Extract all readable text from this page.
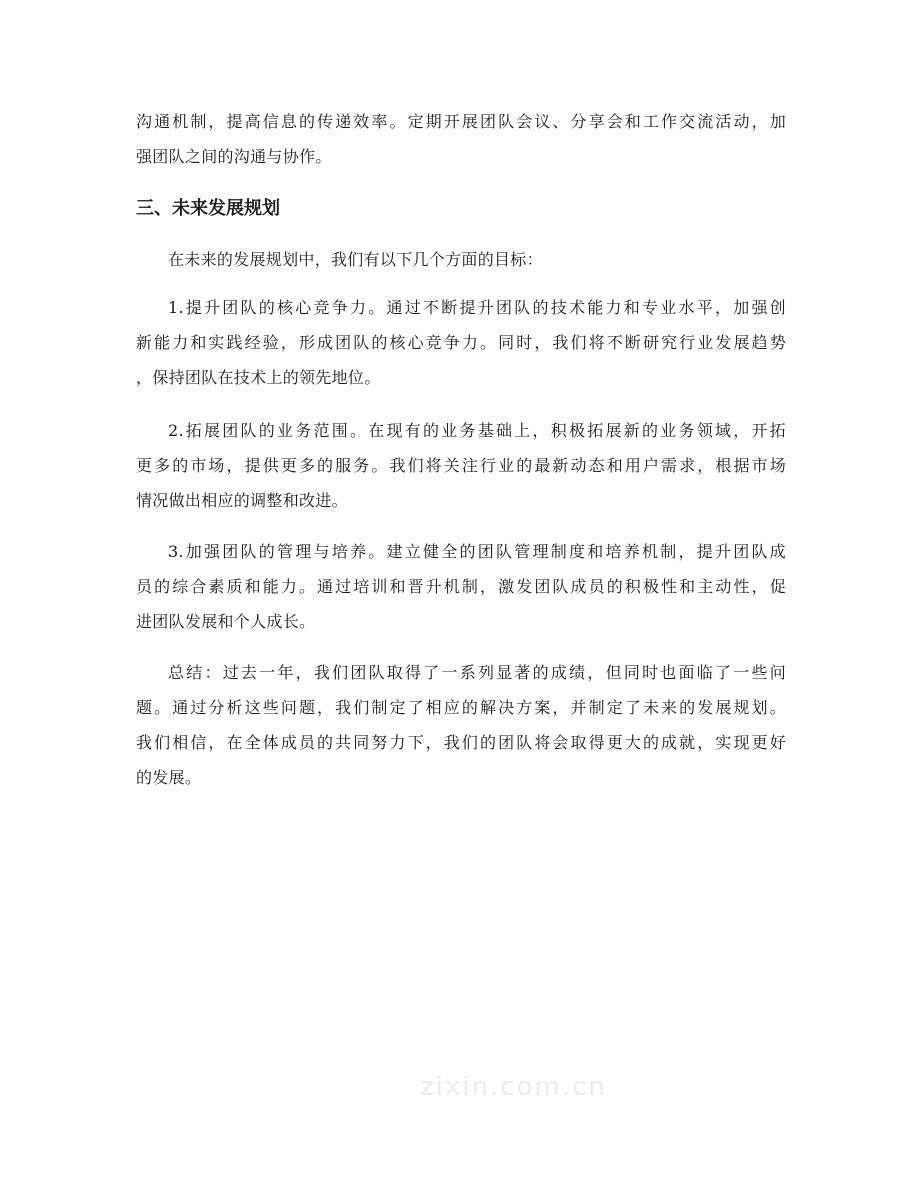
沟通机制，提高信息的传递效率。定期开展团队会议、分享会和工作交流活动，加
强团队之间的沟通与协作。
三、未来发展规划
在未来的发展规划中，我们有以下几个方面的目标：
1.提升团队的核心竞争力。通过不断提升团队的技术能力和专业水平，加强创
新能力和实践经验，形成团队的核心竞争力。同时，我们将不断研究行业发展趋势
，保持团队在技术上的领先地位。
2.拓展团队的业务范围。在现有的业务基础上，积极拓展新的业务领域，开拓
更多的市场，提供更多的服务。我们将关注行业的最新动态和用户需求，根据市场
情况做出相应的调整和改进。
3.加强团队的管理与培养。建立健全的团队管理制度和培养机制，提升团队成
员的综合素质和能力。通过培训和晋升机制，激发团队成员的积极性和主动性，促
进团队发展和个人成长。
总结：过去一年，我们团队取得了一系列显著的成绩，但同时也面临了一些问
题。通过分析这些问题，我们制定了相应的解决方案，并制定了未来的发展规划。
我们相信，在全体成员的共同努力下，我们的团队将会取得更大的成就，实现更好
的发展。
zixin.com.cn
